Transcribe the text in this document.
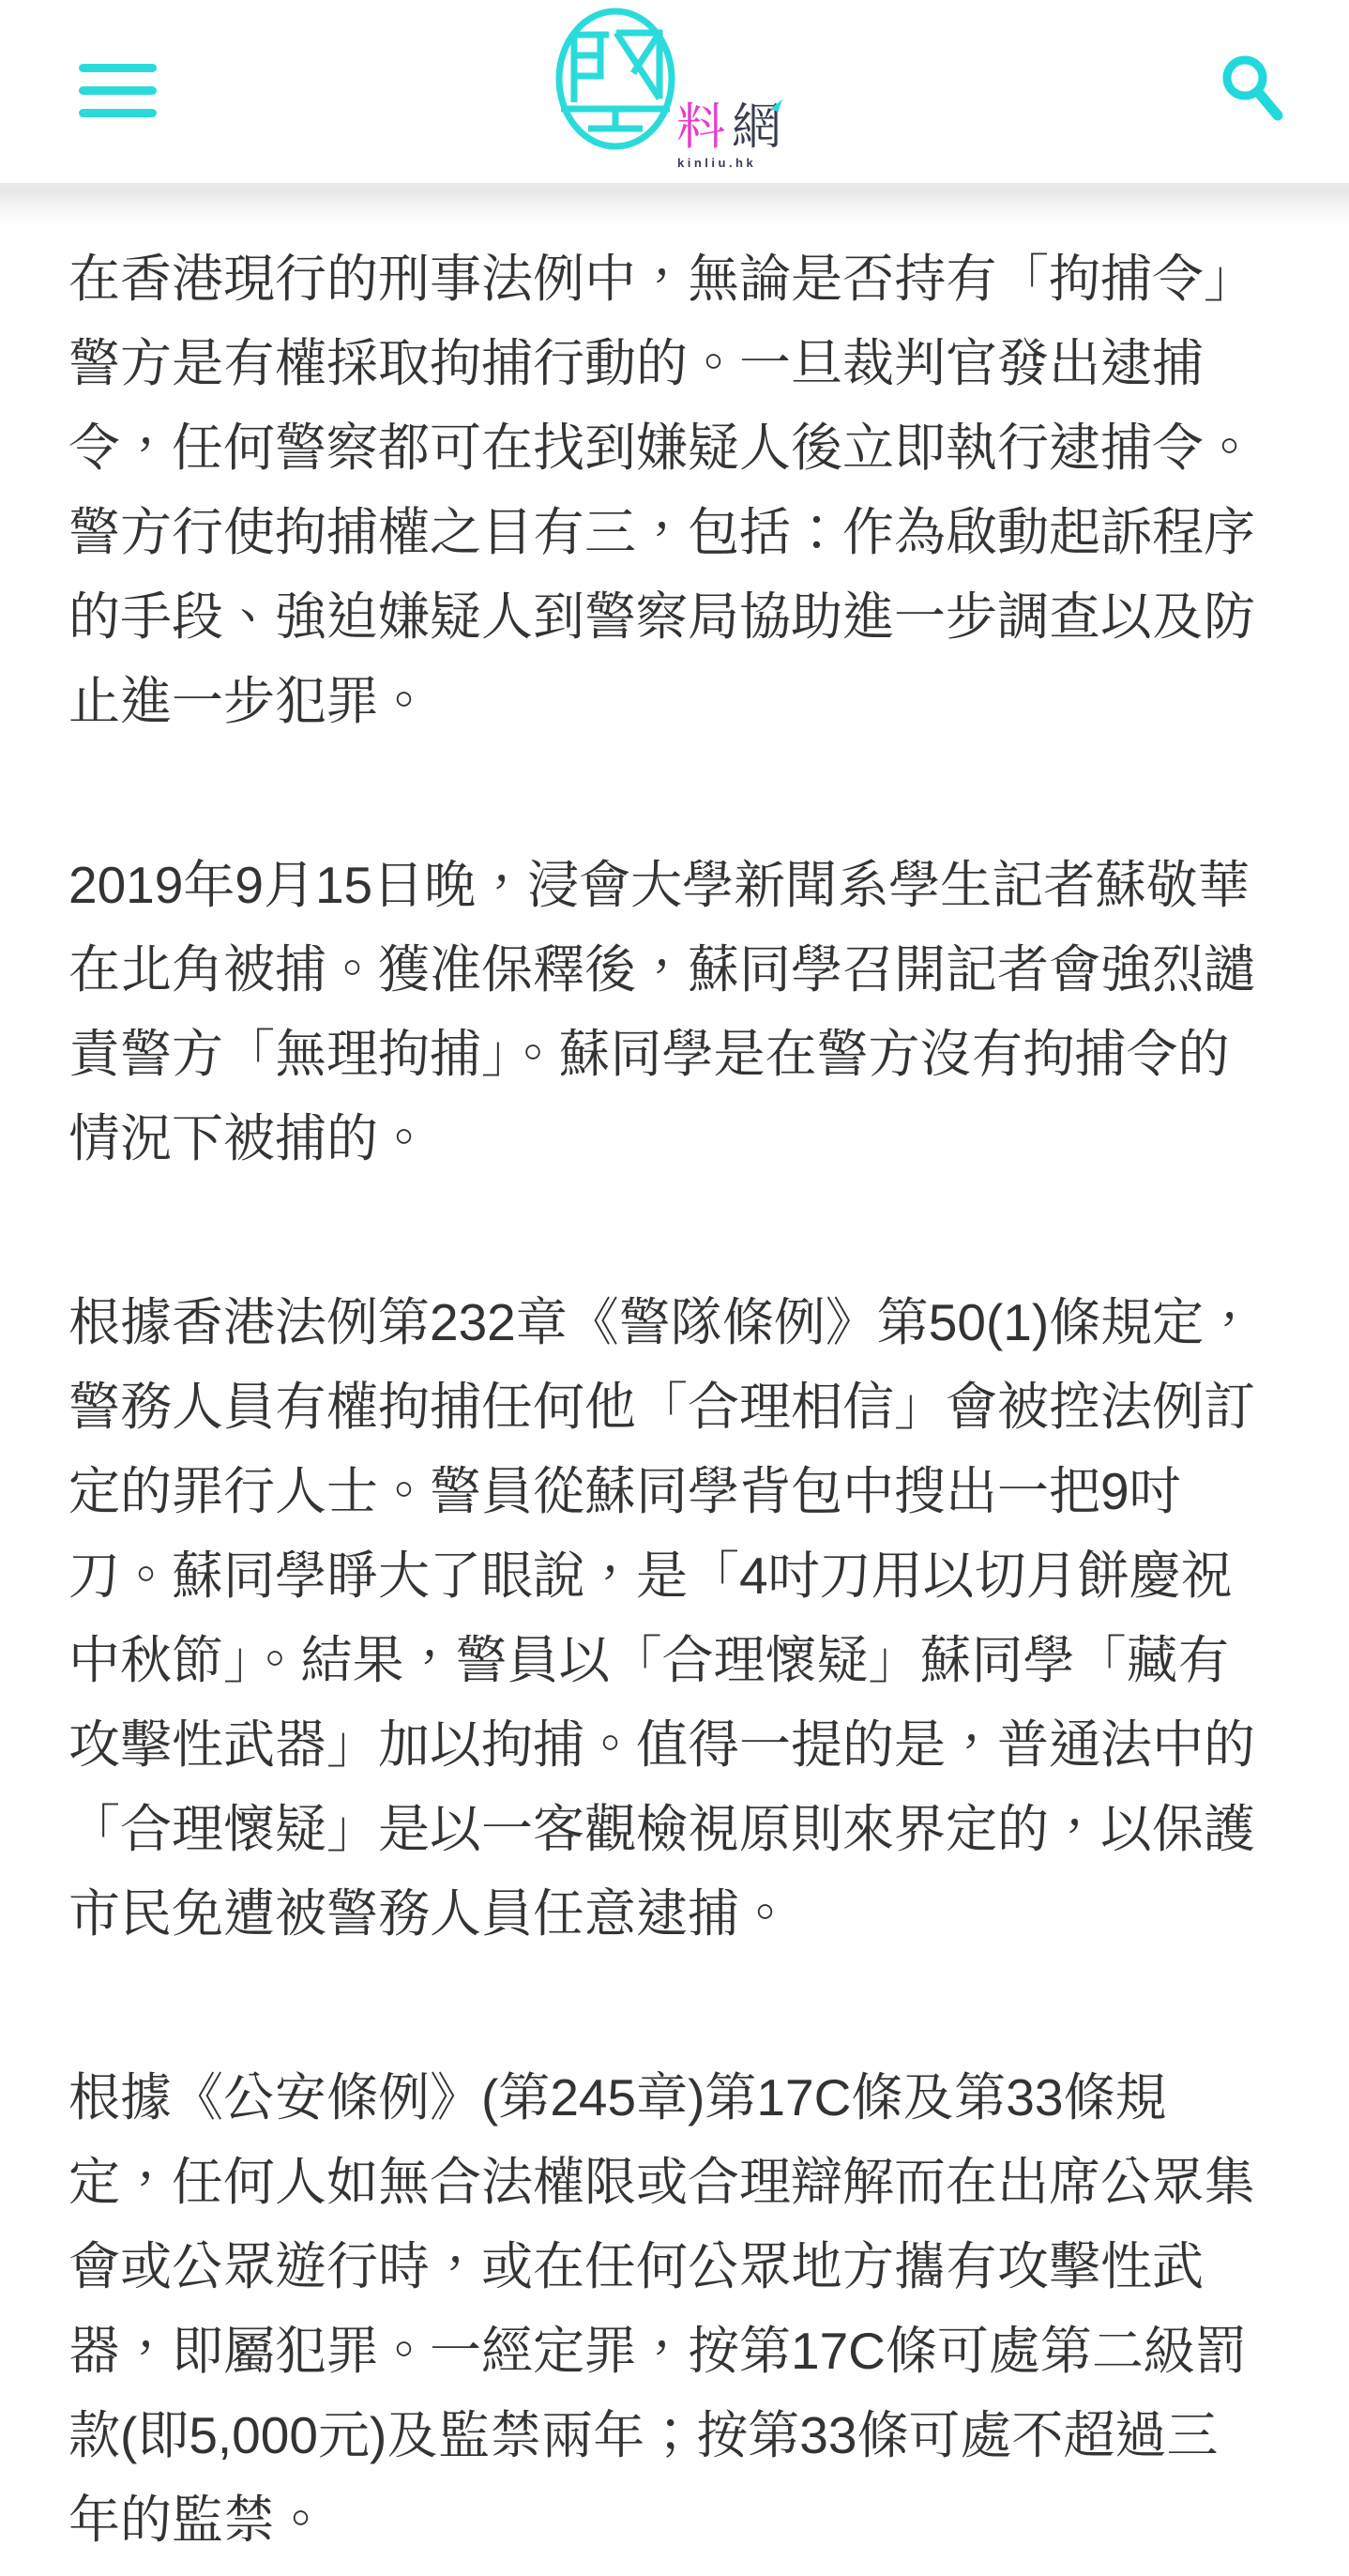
料 網
kinliu.hk
在香港現行的刑事法例中，無論是否持有「拘捕令」
警方是有權採取拘捕行動的。一旦裁判官發出逮捕
令，任何警察都可在找到嫌疑人後立即執行逮捕令。
警方行使拘捕權之目有三，包括：作為啟動起訴程序
的手段、強迫嫌疑人到警察局協助進一步調查以及防
止進一步犯罪。
2019年9月15日晚，浸會大學新聞系學生記者蘇敬華
在北角被捕。獲准保釋後，蘇同學召開記者會強烈譴
責警方「無理拘捕」。蘇同學是在警方沒有拘捕令的
情況下被捕的。
根據香港法例第232章《警隊條例》第50(1)條規定，
警務人員有權拘捕任何他「合理相信」會被控法例訂
定的罪行人士。警員從蘇同學背包中搜出一把9吋
刀。蘇同學睜大了眼說，是「4吋刀用以切月餅慶祝
中秋節」。結果，警員以「合理懷疑」蘇同學「藏有
攻擊性武器」加以拘捕。值得一提的是，普通法中的
「合理懷疑」是以一客觀檢視原則來界定的，以保護
市民免遭被警務人員任意逮捕。
根據《公安條例》(第245章)第17C條及第33條規
定，任何人如無合法權限或合理辯解而在出席公眾集
會或公眾遊行時，或在任何公眾地方攜有攻擊性武
器，即屬犯罪。一經定罪，按第17C條可處第二級罰
款(即5,000元)及監禁兩年；按第33條可處不超過三
年的監禁。
